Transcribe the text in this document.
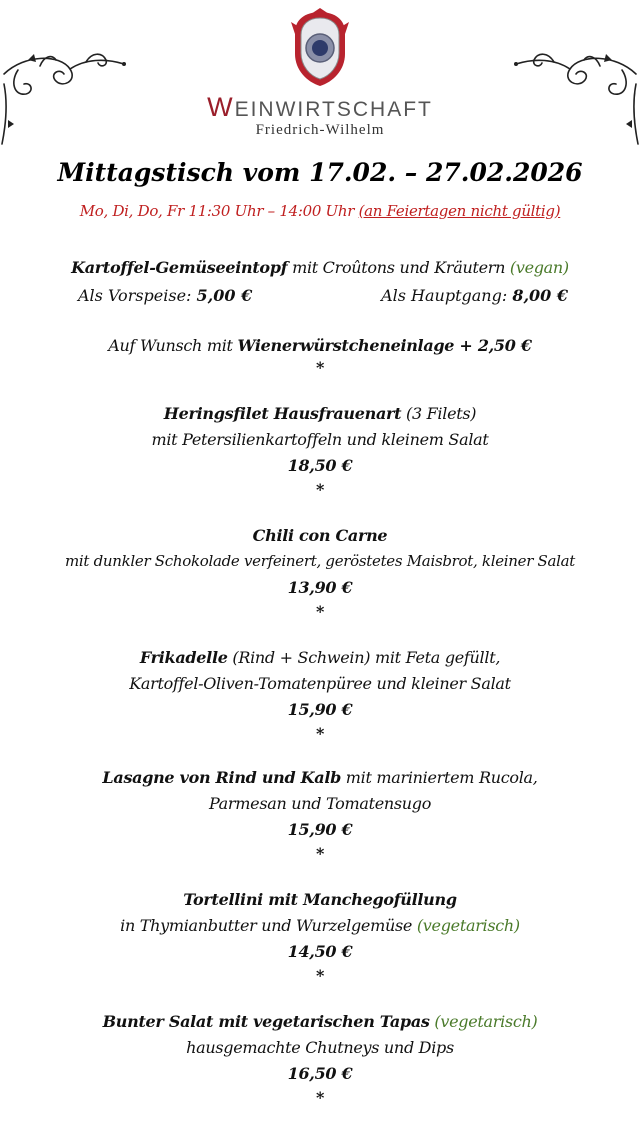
WEINWIRTSCHAFT
Friedrich-Wilhelm
Mittagstisch vom 17.02. – 27.02.2026
Mo, Di, Do, Fr 11:30 Uhr – 14:00 Uhr (an Feiertagen nicht gültig)
Kartoffel-Gemüseeintopf mit Croûtons und Kräutern (vegan)
Als Vorspeise: 5,00 €	Als Hauptgang: 8,00 €
Auf Wunsch mit Wienerwürstcheneinlage + 2,50 €
*
Heringsfilet Hausfrauenart (3 Filets)
mit Petersilienkartoffeln und kleinem Salat
18,50 €
*
Chili con Carne
mit dunkler Schokolade verfeinert, geröstetes Maisbrot, kleiner Salat
13,90 €
*
Frikadelle (Rind + Schwein) mit Feta gefüllt,
Kartoffel-Oliven-Tomatenpüree und kleiner Salat
15,90 €
*
Lasagne von Rind und Kalb mit mariniertem Rucola,
Parmesan und Tomatensugo
15,90 €
*
Tortellini mit Manchegofüllung
in Thymianbutter und Wurzelgemüse (vegetarisch)
14,50 €
*
Bunter Salat mit vegetarischen Tapas (vegetarisch)
hausgemachte Chutneys und Dips
16,50 €
*
